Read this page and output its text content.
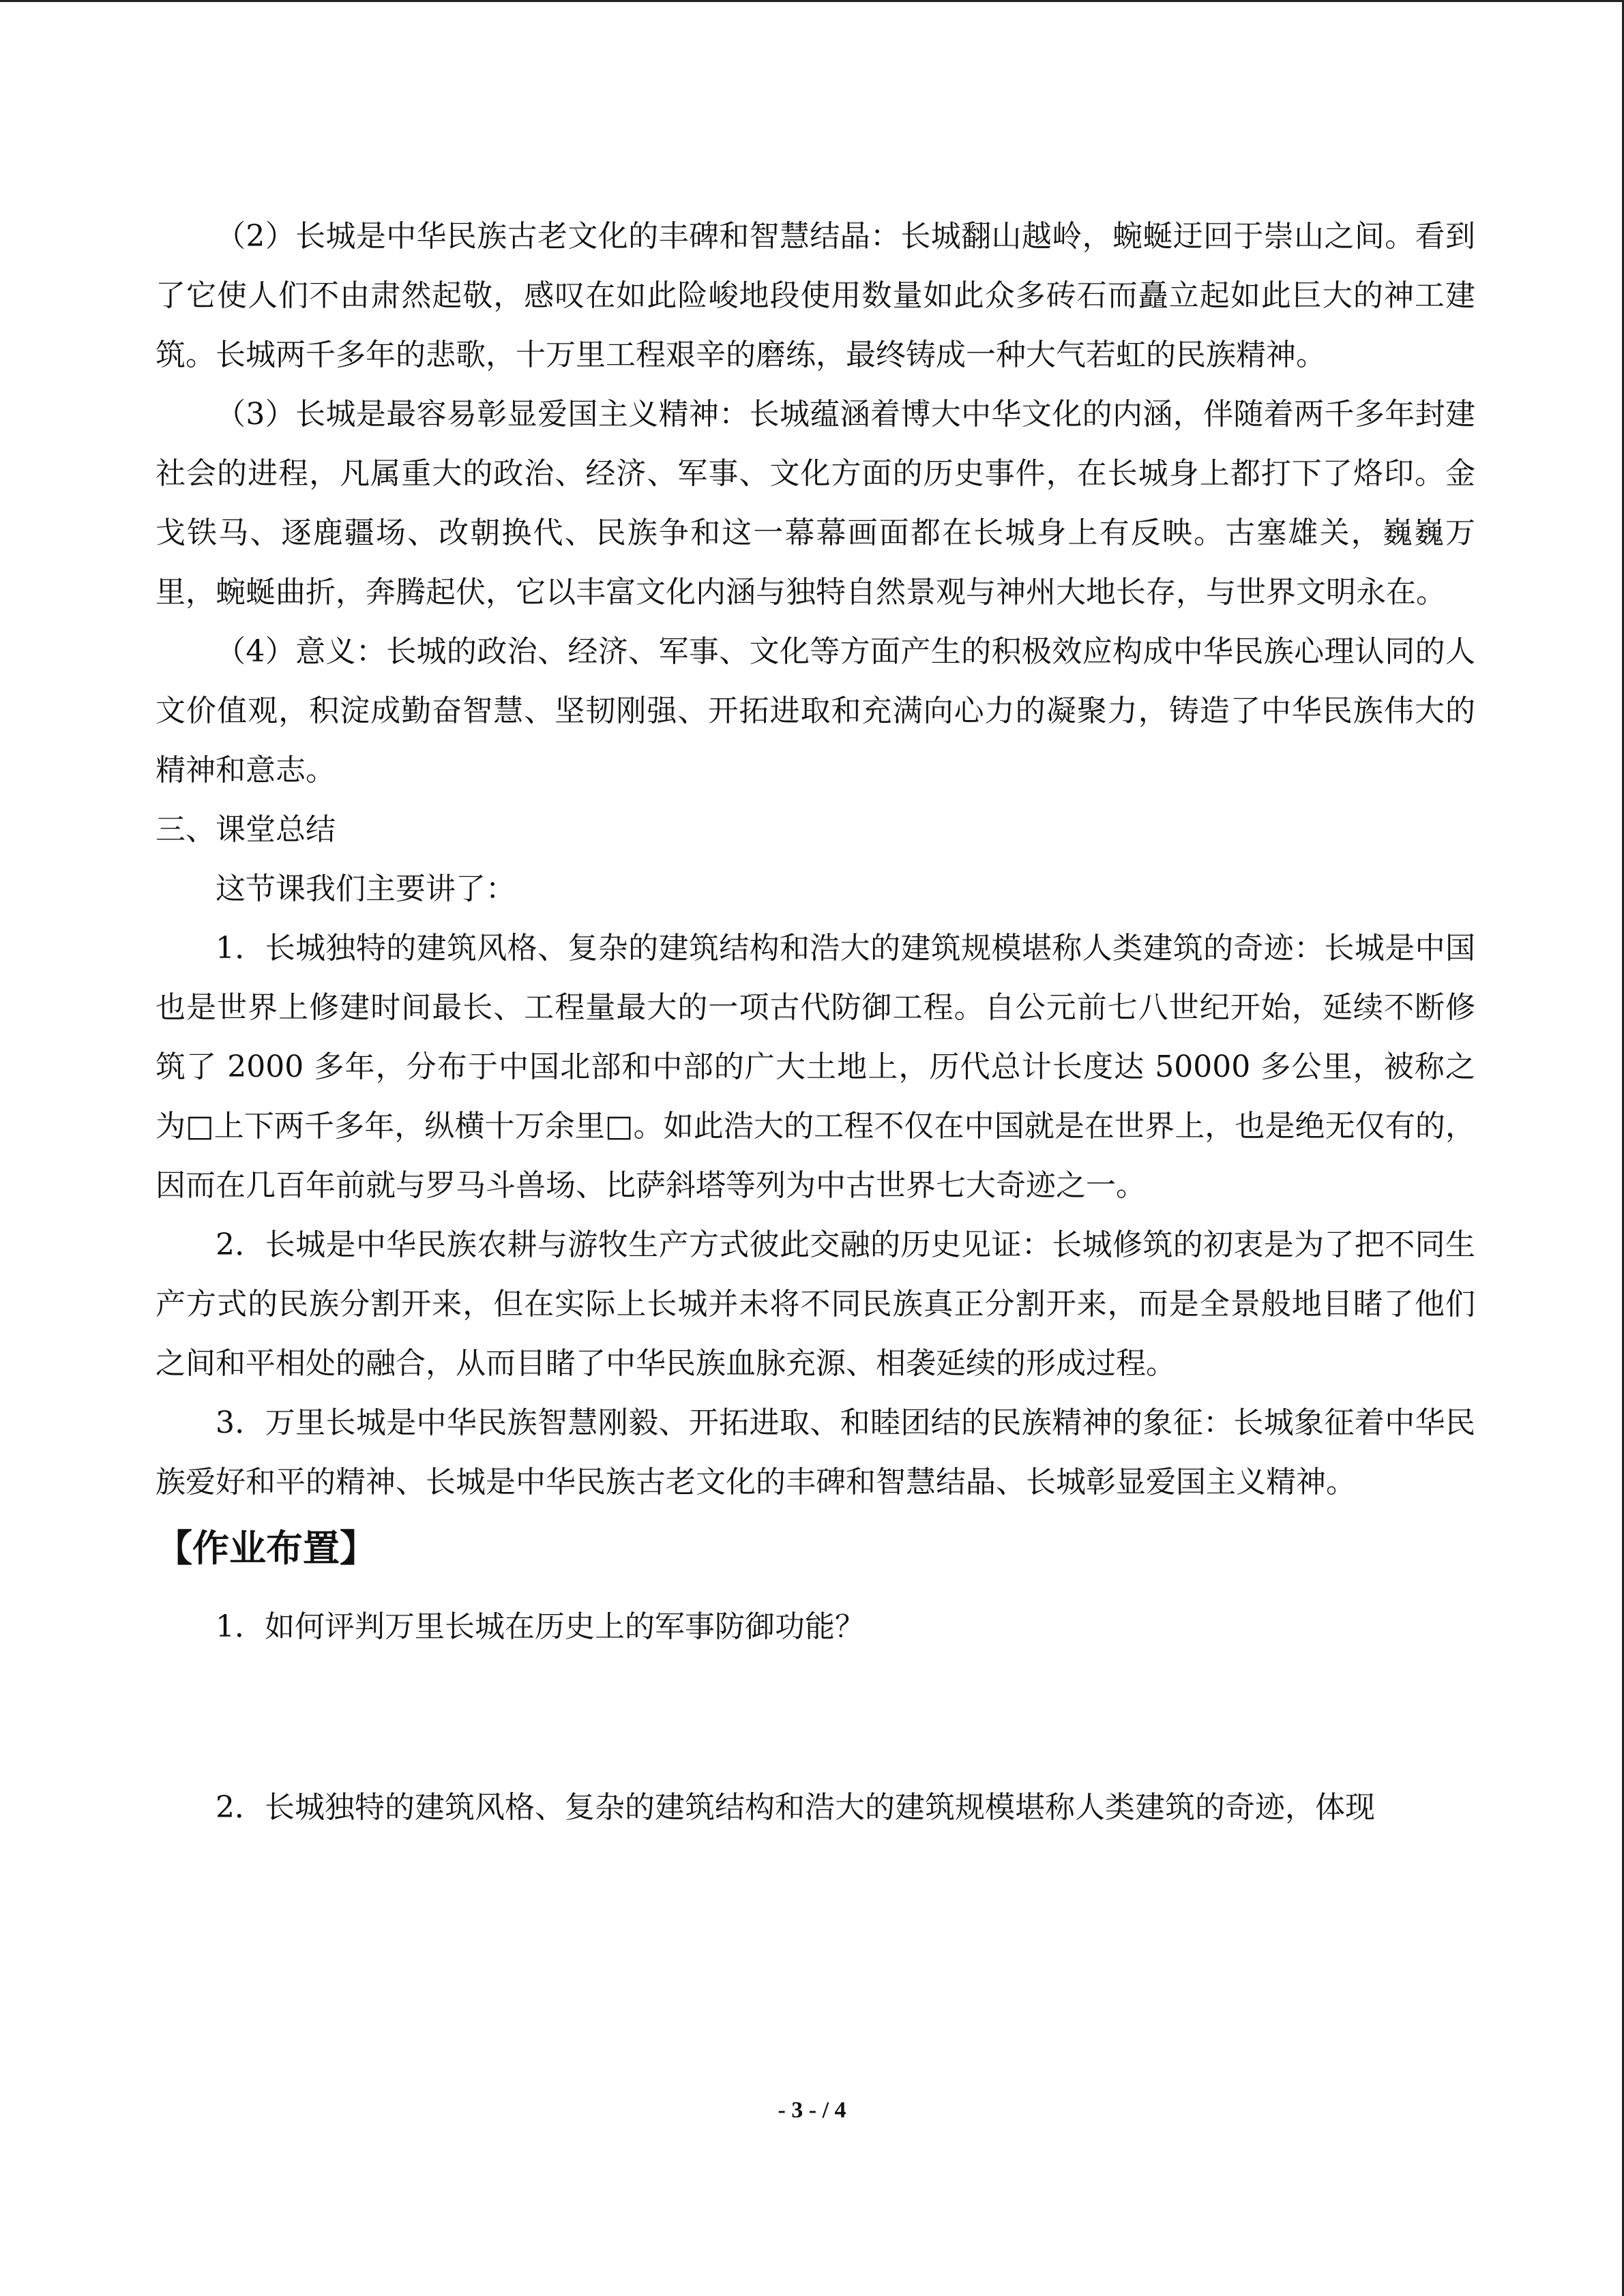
（2）长城是中华民族古老文化的丰碑和智慧结晶：长城翻山越岭，蜿蜒迂回于崇山之间。看到了它使人们不由肃然起敬，感叹在如此险峻地段使用数量如此众多砖石而矗立起如此巨大的神工建筑。长城两千多年的悲歌，十万里工程艰辛的磨练，最终铸成一种大气若虹的民族精神。

（3）长城是最容易彰显爱国主义精神：长城蕴涵着博大中华文化的内涵，伴随着两千多年封建社会的进程，凡属重大的政治、经济、军事、文化方面的历史事件，在长城身上都打下了烙印。金戈铁马、逐鹿疆场、改朝换代、民族争和这一幕幕画面都在长城身上有反映。古塞雄关，巍巍万里，蜿蜒曲折，奔腾起伏，它以丰富文化内涵与独特自然景观与神州大地长存，与世界文明永在。

（4）意义：长城的政治、经济、军事、文化等方面产生的积极效应构成中华民族心理认同的人文价值观，积淀成勤奋智慧、坚韧刚强、开拓进取和充满向心力的凝聚力，铸造了中华民族伟大的精神和意志。

三、课堂总结

这节课我们主要讲了：

1．长城独特的建筑风格、复杂的建筑结构和浩大的建筑规模堪称人类建筑的奇迹：长城是中国也是世界上修建时间最长、工程量最大的一项古代防御工程。自公元前七八世纪开始，延续不断修筑了 2000 多年，分布于中国北部和中部的广大土地上，历代总计长度达 50000 多公里，被称之为□上下两千多年，纵横十万余里□。如此浩大的工程不仅在中国就是在世界上，也是绝无仅有的，因而在几百年前就与罗马斗兽场、比萨斜塔等列为中古世界七大奇迹之一。

2．长城是中华民族农耕与游牧生产方式彼此交融的历史见证：长城修筑的初衷是为了把不同生产方式的民族分割开来，但在实际上长城并未将不同民族真正分割开来，而是全景般地目睹了他们之间和平相处的融合，从而目睹了中华民族血脉充源、相袭延续的形成过程。

3．万里长城是中华民族智慧刚毅、开拓进取、和睦团结的民族精神的象征：长城象征着中华民族爱好和平的精神、长城是中华民族古老文化的丰碑和智慧结晶、长城彰显爱国主义精神。

【作业布置】

1．如何评判万里长城在历史上的军事防御功能？

2．长城独特的建筑风格、复杂的建筑结构和浩大的建筑规模堪称人类建筑的奇迹，体现

- 3 - / 4
